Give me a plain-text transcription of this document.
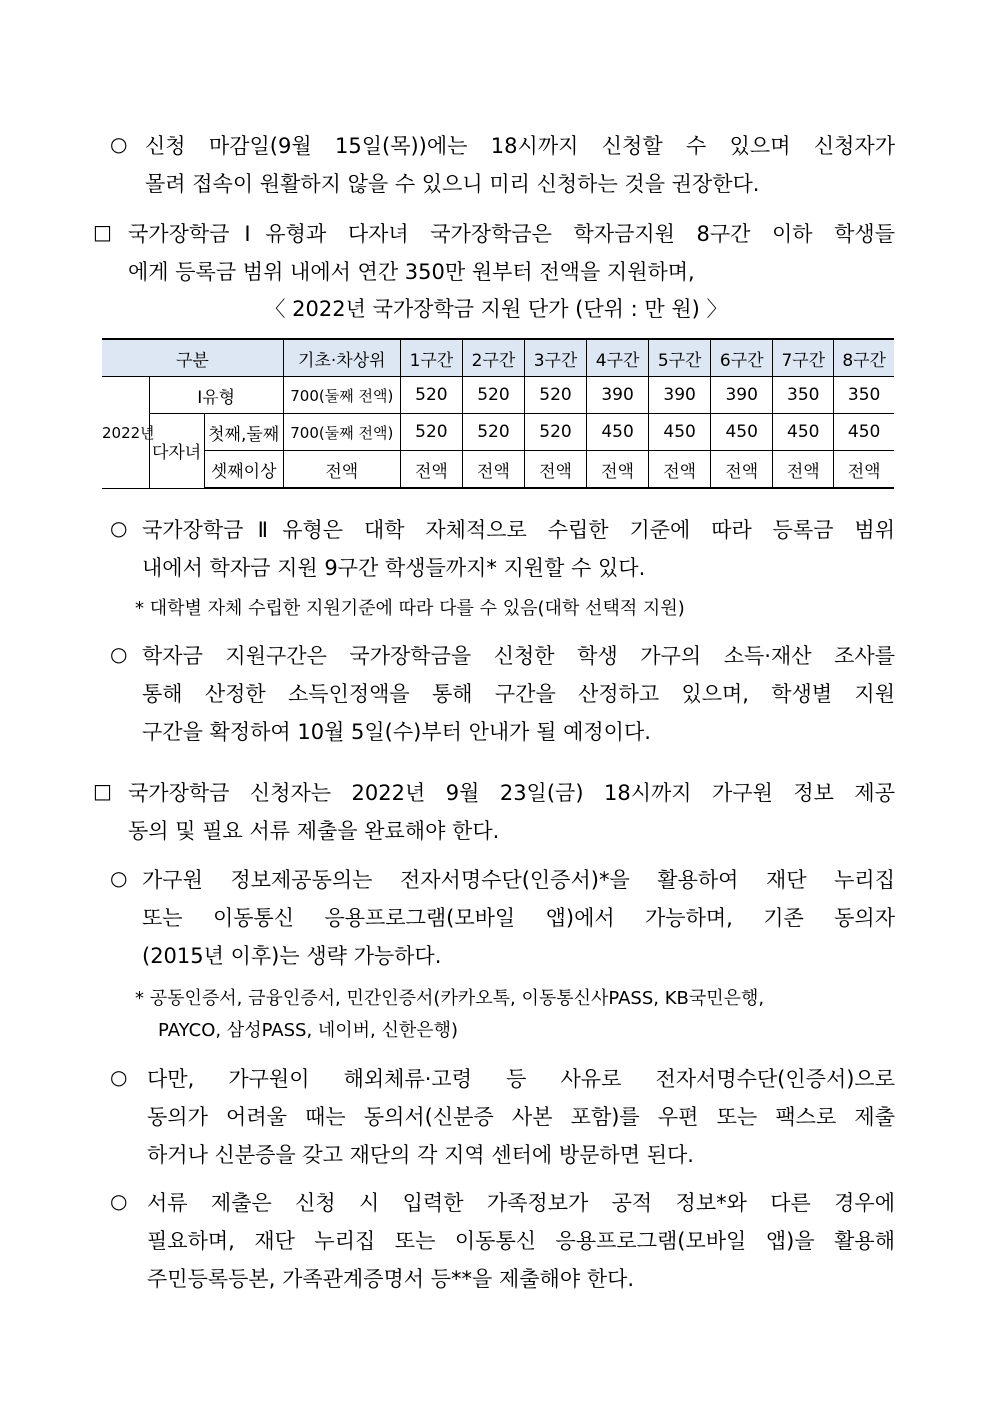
○ 신청 마감일(9월 15일(목))에는 18시까지 신청할 수 있으며 신청자가
몰려 접속이 원활하지 않을 수 있으니 미리 신청하는 것을 권장한다.
□ 국가장학금Ⅰ유형과 다자녀 국가장학금은 학자금지원 8구간 이하 학생들
에게 등록금 범위 내에서 연간 350만 원부터 전액을 지원하며,
〈 2022년 국가장학금 지원 단가 (단위 : 만 원) 〉
구분			기초·차상위	1구간	2구간	3구간	4구간	5구간	6구간	7구간	8구간
2022년	Ⅰ유형		700(둘째 전액)	520	520	520	390	390	390	350	350
	다자녀	첫째,둘째	700(둘째 전액)	520	520	520	450	450	450	450	450
		셋째이상	전액	전액	전액	전액	전액	전액	전액	전액	전액
○ 국가장학금Ⅱ유형은 대학 자체적으로 수립한 기준에 따라 등록금 범위
내에서 학자금 지원 9구간 학생들까지* 지원할 수 있다.
* 대학별 자체 수립한 지원기준에 따라 다를 수 있음(대학 선택적 지원)
○ 학자금 지원구간은 국가장학금을 신청한 학생 가구의 소득·재산 조사를
통해 산정한 소득인정액을 통해 구간을 산정하고 있으며, 학생별 지원
구간을 확정하여 10월 5일(수)부터 안내가 될 예정이다.
□ 국가장학금 신청자는 2022년 9월 23일(금) 18시까지 가구원 정보 제공
동의 및 필요 서류 제출을 완료해야 한다.
○ 가구원 정보제공동의는 전자서명수단(인증서)*을 활용하여 재단 누리집
또는 이동통신 응용프로그램(모바일 앱)에서 가능하며, 기존 동의자
(2015년 이후)는 생략 가능하다.
* 공동인증서, 금융인증서, 민간인증서(카카오톡, 이동통신사PASS, KB국민은행,
PAYCO, 삼성PASS, 네이버, 신한은행)
○ 다만, 가구원이 해외체류·고령 등 사유로 전자서명수단(인증서)으로
동의가 어려울 때는 동의서(신분증 사본 포함)를 우편 또는 팩스로 제출
하거나 신분증을 갖고 재단의 각 지역 센터에 방문하면 된다.
○ 서류 제출은 신청 시 입력한 가족정보가 공적 정보*와 다른 경우에
필요하며, 재단 누리집 또는 이동통신 응용프로그램(모바일 앱)을 활용해
주민등록등본, 가족관계증명서 등**을 제출해야 한다.
